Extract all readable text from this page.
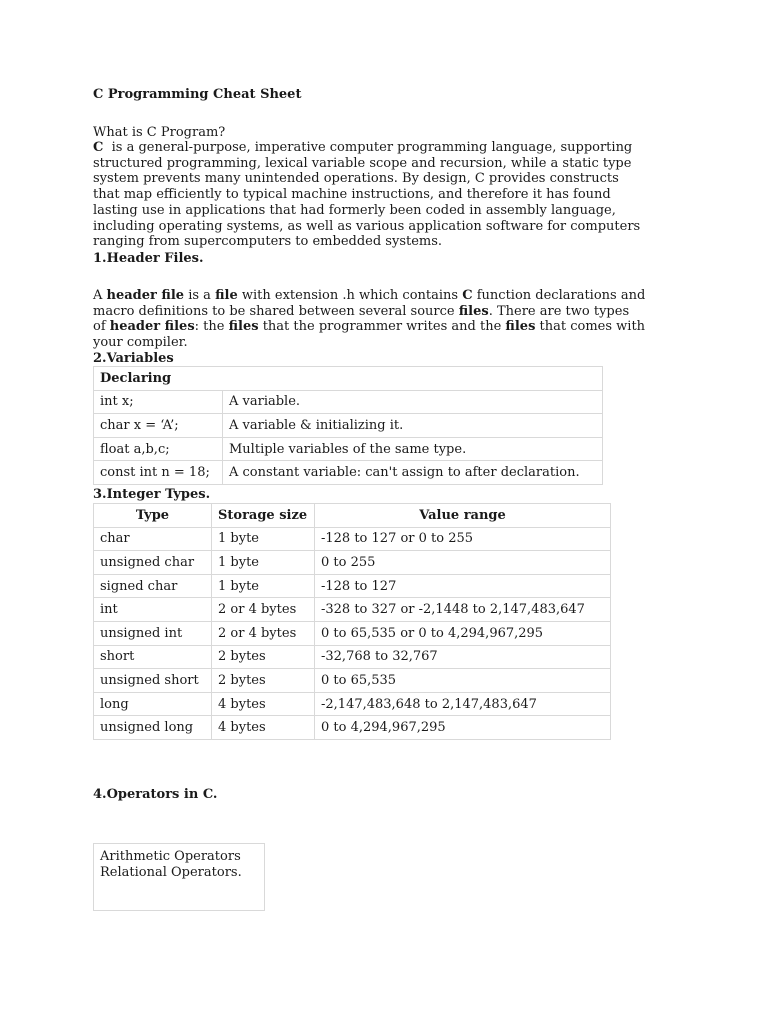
C Programming Cheat Sheet
What is C Program?

C  is a general-purpose, imperative computer programming language, supporting

structured programming, lexical variable scope and recursion, while a static type

system prevents many unintended operations. By design, C provides constructs

that map efficiently to typical machine instructions, and therefore it has found

lasting use in applications that had formerly been coded in assembly language,

including operating systems, as well as various application software for computers

ranging from supercomputers to embedded systems.

1.Header Files.

A header file is a file with extension .h which contains C function declarations and

macro definitions to be shared between several source files. There are two types

of header files: the files that the programmer writes and the files that comes with

your compiler.

2.Variables
Declaring	
int x;	A variable.
char x = ‘A’;	A variable & initializing it.
float a,b,c;	Multiple variables of the same type.
const int n = 18;	A constant variable: can't assign to after declaration.
3.Integer Types.
Type	Storage size	Value range
char	1 byte	-128 to 127 or 0 to 255
unsigned char	1 byte	0 to 255
signed char	1 byte	-128 to 127
int	2 or 4 bytes	-328 to 327 or -2,1448 to 2,147,483,647
unsigned int	2 or 4 bytes	0 to 65,535 or 0 to 4,294,967,295
short	2 bytes	-32,768 to 32,767
unsigned short	2 bytes	0 to 65,535
long	4 bytes	-2,147,483,648 to 2,147,483,647
unsigned long	4 bytes	0 to 4,294,967,295
4.Operators in C.
Arithmetic Operators
Relational Operators.
